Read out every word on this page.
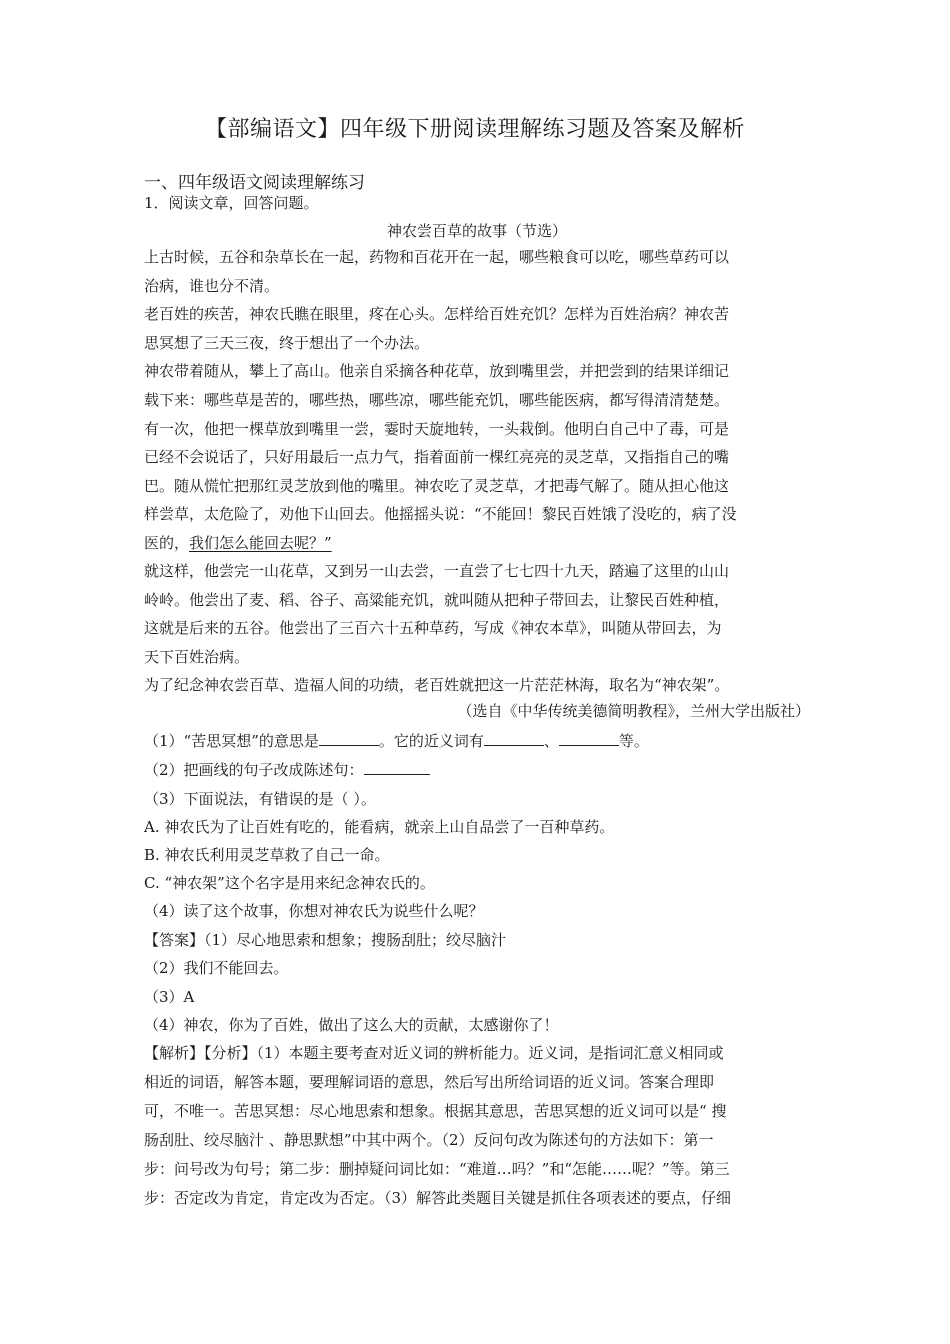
【部编语文】四年级下册阅读理解练习题及答案及解析
一、四年级语文阅读理解练习
1．阅读文章，回答问题。
神农尝百草的故事（节选）
上古时候，五谷和杂草长在一起，药物和百花开在一起，哪些粮食可以吃，哪些草药可以
治病，谁也分不清。
老百姓的疾苦，神农氏瞧在眼里，疼在心头。怎样给百姓充饥？怎样为百姓治病？神农苦
思冥想了三天三夜，终于想出了一个办法。
神农带着随从，攀上了高山。他亲自采摘各种花草，放到嘴里尝，并把尝到的结果详细记
载下来：哪些草是苦的，哪些热，哪些凉，哪些能充饥，哪些能医病，都写得清清楚楚。
有一次，他把一棵草放到嘴里一尝，霎时天旋地转，一头栽倒。他明白自己中了毒，可是
已经不会说话了，只好用最后一点力气，指着面前一棵红亮亮的灵芝草，又指指自己的嘴
巴。随从慌忙把那红灵芝放到他的嘴里。神农吃了灵芝草，才把毒气解了。随从担心他这
样尝草，太危险了，劝他下山回去。他摇摇头说：“不能回！黎民百姓饿了没吃的，病了没
医的，我们怎么能回去呢？”
就这样，他尝完一山花草，又到另一山去尝，一直尝了七七四十九天，踏遍了这里的山山
岭岭。他尝出了麦、稻、谷子、高粱能充饥，就叫随从把种子带回去，让黎民百姓种植，
这就是后来的五谷。他尝出了三百六十五种草药，写成《神农本草》，叫随从带回去，为
天下百姓治病。
为了纪念神农尝百草、造福人间的功绩，老百姓就把这一片茫茫林海，取名为“神农架”。
（选自《中华传统美德简明教程》，兰州大学出版社）
（1）“苦思冥想”的意思是	。它的近义词有	、	等。
（2）把画线的句子改成陈述句：
（3）下面说法，有错误的是（ ）。
A. 神农氏为了让百姓有吃的，能看病，就亲上山自品尝了一百种草药。
B. 神农氏利用灵芝草救了自己一命。
C. “神农架”这个名字是用来纪念神农氏的。
（4）读了这个故事，你想对神农氏为说些什么呢？
【答案】（1）尽心地思索和想象；搜肠刮肚；绞尽脑汁
（2）我们不能回去。
（3）A
（4）神农，你为了百姓，做出了这么大的贡献，太感谢你了！
【解析】【分析】（1）本题主要考查对近义词的辨析能力。近义词，是指词汇意义相同或
相近的词语，解答本题，要理解词语的意思，然后写出所给词语的近义词。答案合理即
可，不唯一。苦思冥想：尽心地思索和想象。根据其意思，苦思冥想的近义词可以是“ 搜
肠刮肚、绞尽脑汁 、静思默想”中其中两个。（2）反问句改为陈述句的方法如下：第一
步：问号改为句号；第二步：删掉疑问词比如：“难道…吗？”和“怎能……呢？”等。第三
步：否定改为肯定，肯定改为否定。（3）解答此类题目关键是抓住各项表述的要点，仔细
